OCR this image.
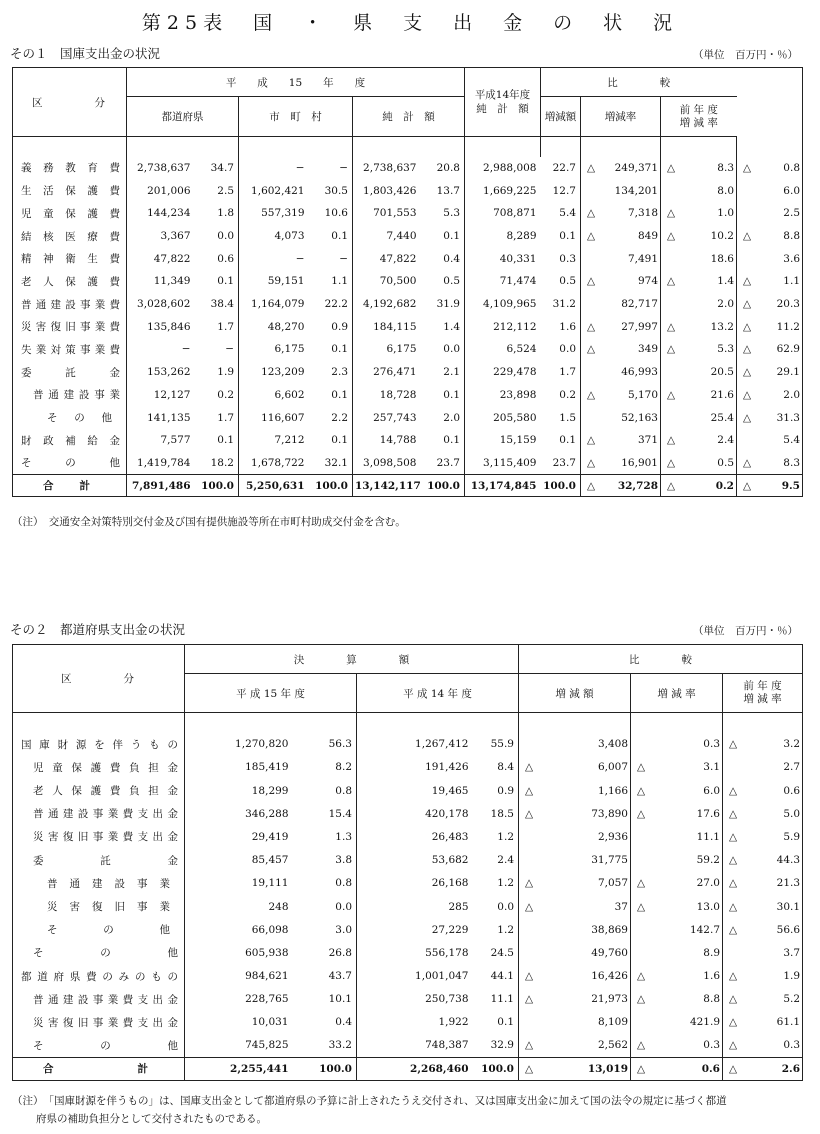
第25表　国　・　県　支　出　金　の　状　況
その１　国庫支出金の状況	（単位　百万円・％）
区　　　　分	平　　成　　15　　年　　度						平成14年度
純　計　額	比　　　　較			
	都道府県		市　町　村		純　計　額			増減額	増減率	前 年 度
増 減 率	

義務教育費	2,738,637	34.7	−	−	2,738,637	20.8	2,988,008	22.7	△ 249,371	△ 8.3	△ 0.8

生活保護費	201,006	2.5	1,602,421	30.5	1,803,426	13.7	1,669,225	12.7	134,201	8.0	6.0

児童保護費	144,234	1.8	557,319	10.6	701,553	5.3	708,871	5.4	△ 7,318	△ 1.0	2.5

結核医療費	3,367	0.0	4,073	0.1	7,440	0.1	8,289	0.1	△ 849	△ 10.2	△ 8.8

精神衛生費	47,822	0.6	−	−	47,822	0.4	40,331	0.3	7,491	18.6	3.6

老人保護費	11,349	0.1	59,151	1.1	70,500	0.5	71,474	0.5	△ 974	△ 1.4	△ 1.1

普通建設事業費	3,028,602	38.4	1,164,079	22.2	4,192,682	31.9	4,109,965	31.2	82,717	2.0	△ 20.3

災害復旧事業費	135,846	1.7	48,270	0.9	184,115	1.4	212,112	1.6	△ 27,997	△ 13.2	△ 11.2

失業対策事業費	−	−	6,175	0.1	6,175	0.0	6,524	0.0	△ 349	△ 5.3	△ 62.9

委託金	153,262	1.9	123,209	2.3	276,471	2.1	229,478	1.7	46,993	20.5	△ 29.1

普通建設事業	12,127	0.2	6,602	0.1	18,728	0.1	23,898	0.2	△ 5,170	△ 21.6	△ 2.0

その他	141,135	1.7	116,607	2.2	257,743	2.0	205,580	1.5	52,163	25.4	△ 31.3

財政補給金	7,577	0.1	7,212	0.1	14,788	0.1	15,159	0.1	△ 371	△ 2.4	5.4

その他	1,419,784	18.2	1,678,722	32.1	3,098,508	23.7	3,115,409	23.7	△ 16,901	△ 0.5	△ 8.3

合計	7,891,486	100.0	5,250,631	100.0	13,142,117	100.0	13,174,845	100.0	△ 32,728	△ 0.2	△ 9.5
（注）　交通安全対策特別交付金及び国有提供施設等所在市町村助成交付金を含む。
その２　都道府県支出金の状況	（単位　百万円・％）
区　　　　分	決　　　　算　　　　額				比　　　　較		
	平 成 15 年 度		平 成 14 年 度		増 減 額	増 減 率	前 年 度
増 減 率

国庫財源を伴うもの	1,270,820	56.3	1,267,412	55.9	3,408	0.3	△ 3.2

児童保護費負担金	185,419	8.2	191,426	8.4	△ 6,007	△ 3.1	2.7

老人保護費負担金	18,299	0.8	19,465	0.9	△ 1,166	△ 6.0	△ 0.6

普通建設事業費支出金	346,288	15.4	420,178	18.5	△ 73,890	△ 17.6	△ 5.0

災害復旧事業費支出金	29,419	1.3	26,483	1.2	2,936	11.1	△ 5.9

委託金	85,457	3.8	53,682	2.4	31,775	59.2	△ 44.3

普通建設事業	19,111	0.8	26,168	1.2	△ 7,057	△ 27.0	△ 21.3

災害復旧事業	248	0.0	285	0.0	△ 37	△ 13.0	△ 30.1

その他	66,098	3.0	27,229	1.2	38,869	142.7	△ 56.6

その他	605,938	26.8	556,178	24.5	49,760	8.9	3.7

都道府県費のみのもの	984,621	43.7	1,001,047	44.1	△ 16,426	△ 1.6	△ 1.9

普通建設事業費支出金	228,765	10.1	250,738	11.1	△ 21,973	△ 8.8	△ 5.2

災害復旧事業費支出金	10,031	0.4	1,922	0.1	8,109	421.9	△ 61.1

その他	745,825	33.2	748,387	32.9	△ 2,562	△ 0.3	△ 0.3

合計	2,255,441	100.0	2,268,460	100.0	△ 13,019	△ 0.6	△ 2.6
（注）　「国庫財源を伴うもの」は、国庫支出金として都道府県の予算に計上されたうえ交付され、又は国庫支出金に加えて国の法令の規定に基づく都道
府県の補助負担分として交付されたものである。
